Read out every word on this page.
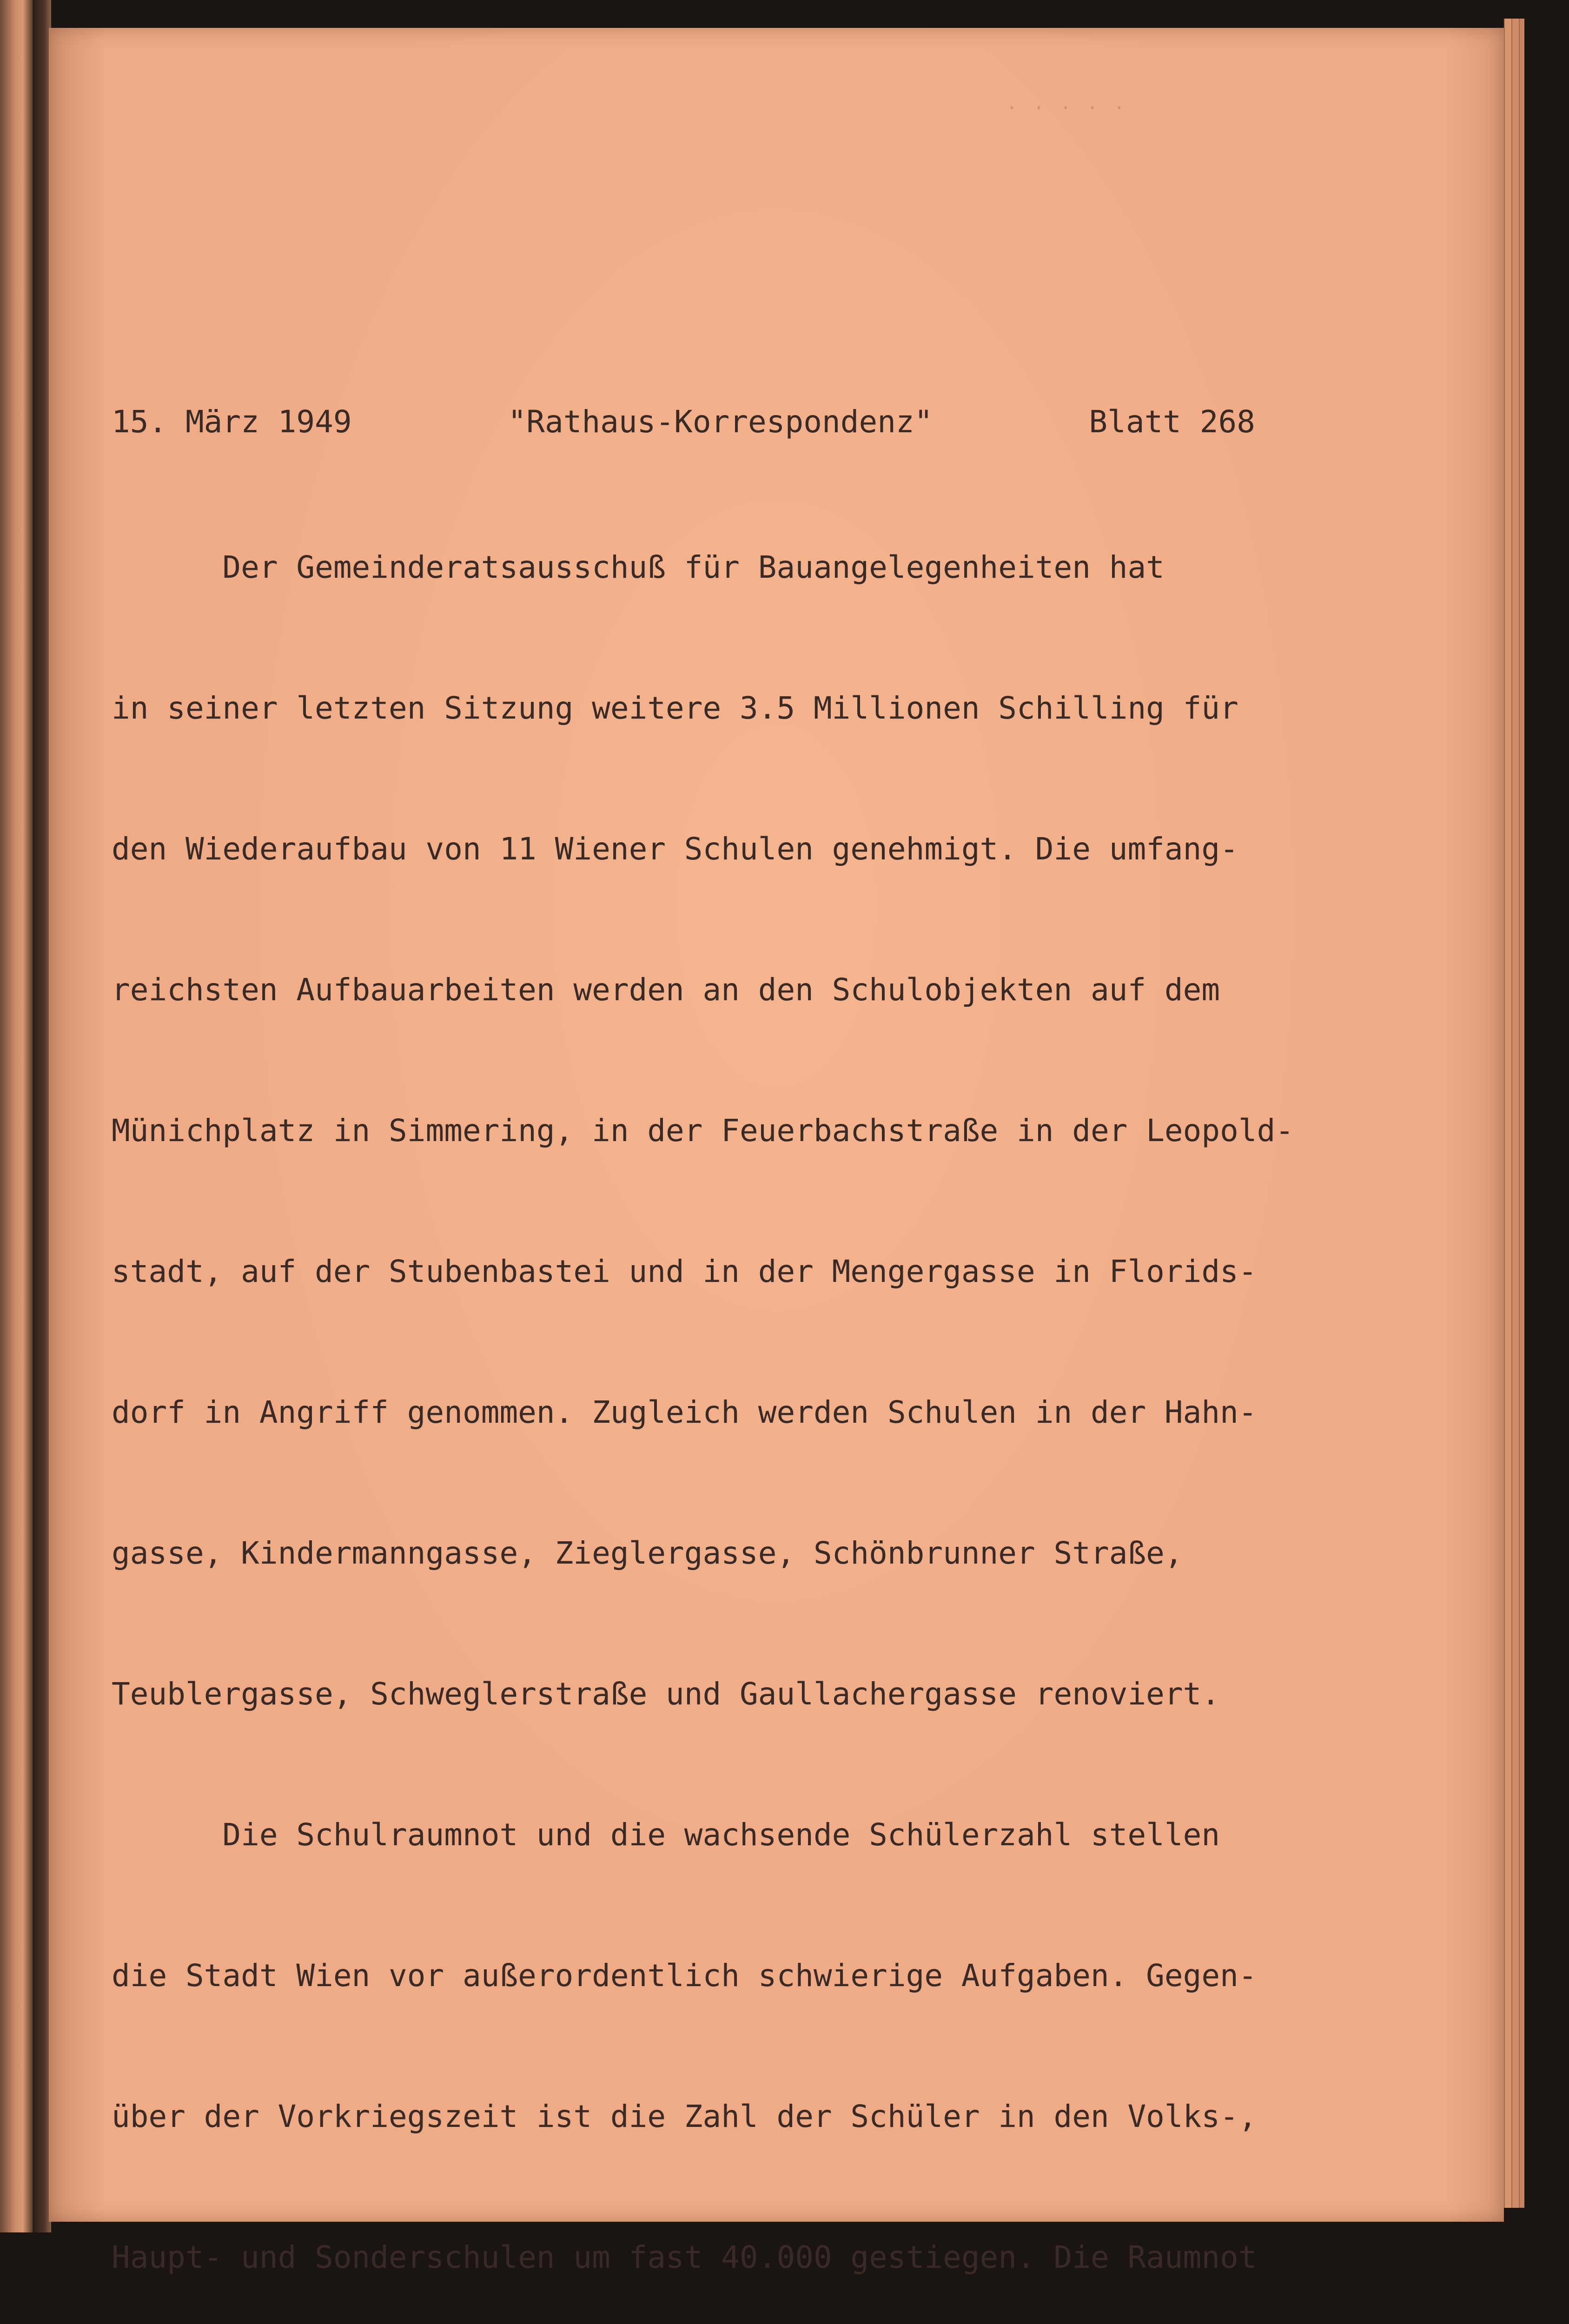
· · · · ·

15. März 1949	"Rathaus-Korrespondenz"	Blatt 268

Der Gemeinderatsausschuß für Bauangelegenheiten hat

in seiner letzten Sitzung weitere 3.5 Millionen Schilling für

den Wiederaufbau von 11 Wiener Schulen genehmigt. Die umfang-

reichsten Aufbauarbeiten werden an den Schulobjekten auf dem

Münichplatz in Simmering, in der Feuerbachstraße in der Leopold-

stadt, auf der Stubenbastei und in der Mengergasse in Florids-

dorf in Angriff genommen. Zugleich werden Schulen in der Hahn-

gasse, Kindermanngasse, Zieglergasse, Schönbrunner Straße,

Teublergasse, Schweglerstraße und Gaullachergasse renoviert.

Die Schulraumnot und die wachsende Schülerzahl stellen

die Stadt Wien vor außerordentlich schwierige Aufgaben. Gegen-

über der Vorkriegszeit ist die Zahl der Schüler in den Volks-,

Haupt- und Sonderschulen um fast 40.000 gestiegen. Die Raumnot
